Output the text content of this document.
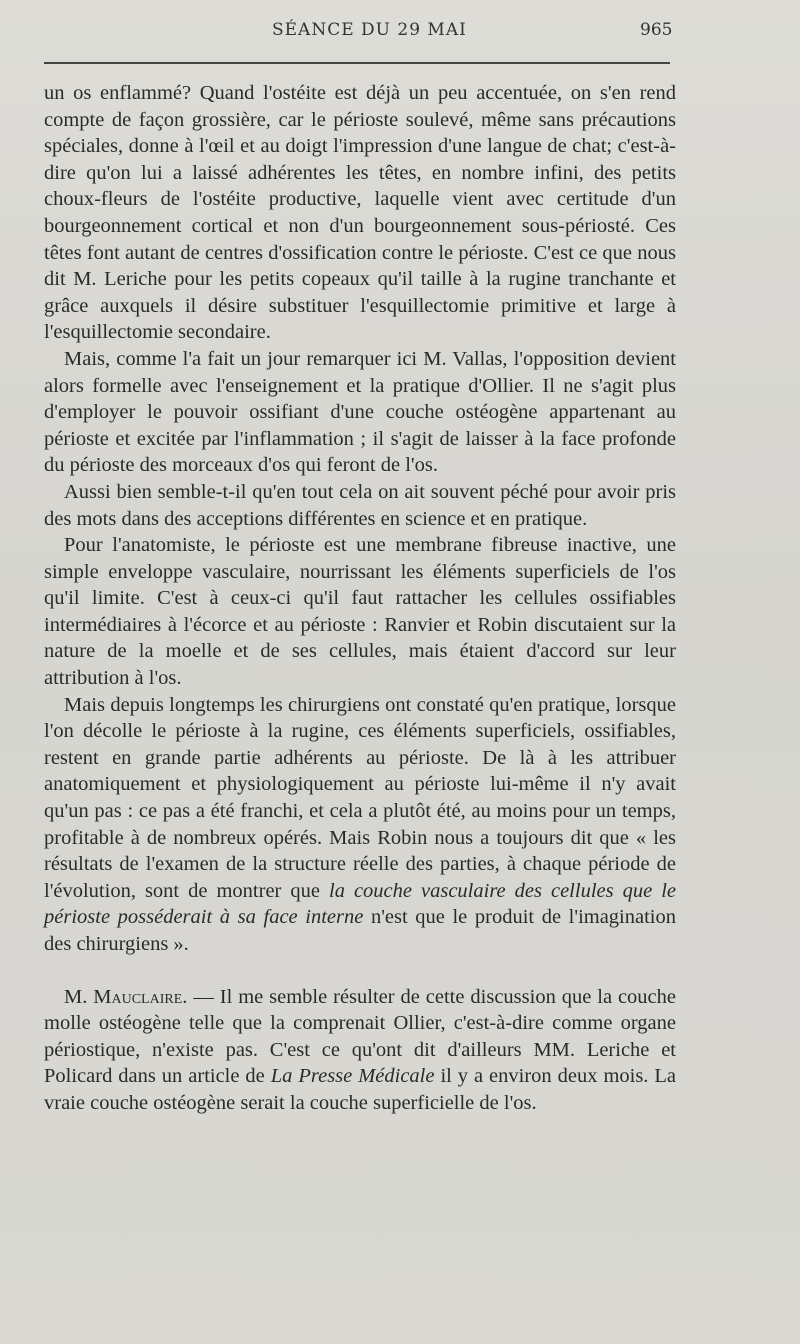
SÉANCE DU 29 MAI	965

un os enflammé? Quand l'ostéite est déjà un peu accentuée, on s'en rend compte de façon grossière, car le périoste soulevé, même sans précautions spéciales, donne à l'œil et au doigt l'impression d'une langue de chat; c'est-à-dire qu'on lui a laissé adhérentes les têtes, en nombre infini, des petits choux-fleurs de l'ostéite productive, laquelle vient avec certitude d'un bourgeonnement cortical et non d'un bourgeonnement sous-périosté. Ces têtes font autant de centres d'ossification contre le périoste. C'est ce que nous dit M. Leriche pour les petits copeaux qu'il taille à la rugine tranchante et grâce auxquels il désire substituer l'esquillectomie primitive et large à l'esquillectomie secondaire.

Mais, comme l'a fait un jour remarquer ici M. Vallas, l'opposition devient alors formelle avec l'enseignement et la pratique d'Ollier. Il ne s'agit plus d'employer le pouvoir ossifiant d'une couche ostéogène appartenant au périoste et excitée par l'inflammation ; il s'agit de laisser à la face profonde du périoste des morceaux d'os qui feront de l'os.

Aussi bien semble-t-il qu'en tout cela on ait souvent péché pour avoir pris des mots dans des acceptions différentes en science et en pratique.

Pour l'anatomiste, le périoste est une membrane fibreuse inactive, une simple enveloppe vasculaire, nourrissant les éléments superficiels de l'os qu'il limite. C'est à ceux-ci qu'il faut rattacher les cellules ossifiables intermédiaires à l'écorce et au périoste : Ranvier et Robin discutaient sur la nature de la moelle et de ses cellules, mais étaient d'accord sur leur attribution à l'os.

Mais depuis longtemps les chirurgiens ont constaté qu'en pratique, lorsque l'on décolle le périoste à la rugine, ces éléments superficiels, ossifiables, restent en grande partie adhérents au périoste. De là à les attribuer anatomiquement et physiologiquement au périoste lui-même il n'y avait qu'un pas : ce pas a été franchi, et cela a plutôt été, au moins pour un temps, profitable à de nombreux opérés. Mais Robin nous a toujours dit que « les résultats de l'examen de la structure réelle des parties, à chaque période de l'évolution, sont de montrer que la couche vasculaire des cellules que le périoste posséderait à sa face interne n'est que le produit de l'imagination des chirurgiens ».

M. Mauclaire. — Il me semble résulter de cette discussion que la couche molle ostéogène telle que la comprenait Ollier, c'est-à-dire comme organe périostique, n'existe pas. C'est ce qu'ont dit d'ailleurs MM. Leriche et Policard dans un article de La Presse Médicale il y a environ deux mois. La vraie couche ostéogène serait la couche superficielle de l'os.
